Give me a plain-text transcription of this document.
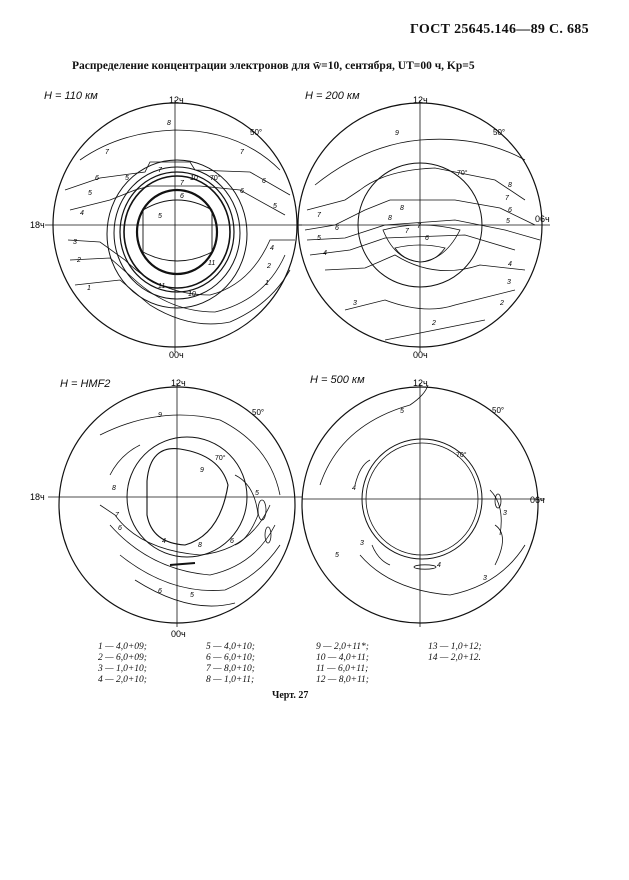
ГОСТ 25645.146—89 С. 685
Распределение концентрации электронов для w̄=10, сентября, UT=00 ч, Kp=5
H = 110 км	12ч
00ч
18ч
50°
70°
1
2
3
4
5
6
7
8
7
7
5
10
11
11
10
6
1
2
4
5
6
5
7
6
H = 200 км	12ч
00ч
06ч
50°
70°
9
8
7
6
5
4
3
2
8
7
6
5
7
8
7
6
4
3
2
H = HMF2	12ч
00ч
18ч
50°
70°
9
9
8
7
6
4
8
6
5
5
6
H = 500 км	12ч
06ч
50°
70°
5
4
5
3
4
3
3
1 — 4,0+09;
2 — 6,0+09;
3 — 1,0+10;
4 — 2,0+10;
5 — 4,0+10;
6 — 6,0+10;
7 — 8,0+10;
8 — 1,0+11;
9 — 2,0+11*;
10 — 4,0+11;
11 — 6,0+11;
12 — 8,0+11;
13 — 1,0+12;
14 — 2,0+12.
Черт. 27
